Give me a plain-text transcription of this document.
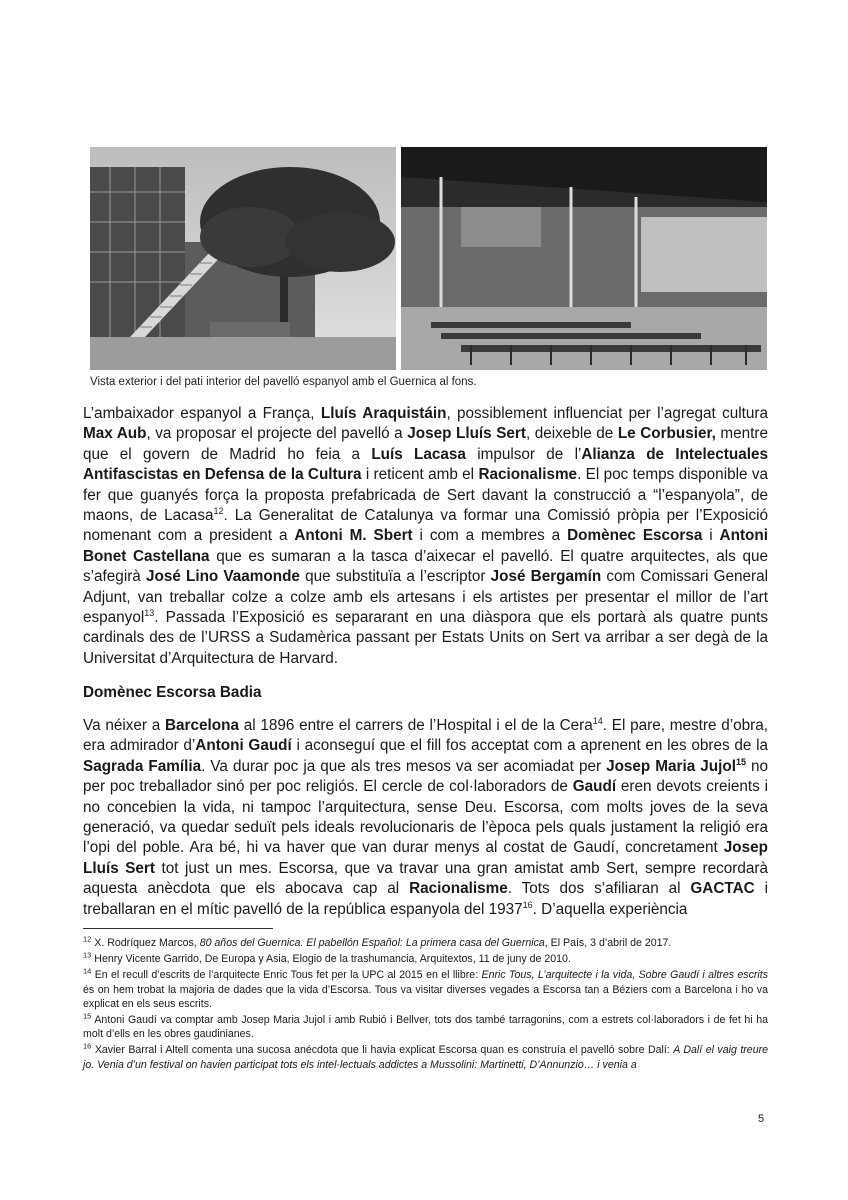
Vista exterior i del pati interior del pavelló espanyol amb el Guernica al fons.

L’ambaixador espanyol a França, Lluís Araquistáin, possiblement influenciat per l’agregat cultura Max Aub, va proposar el projecte del pavelló a Josep Lluís Sert, deixeble de Le Corbusier, mentre que el govern de Madrid ho feia a Luís Lacasa impulsor de l’Alianza de Intelectuales Antifascistas en Defensa de la Cultura i reticent amb el Racionalisme. El poc temps disponible va fer que guanyés força la proposta prefabricada de Sert davant la construcció a “l’espanyola”, de maons, de Lacasa$^{12}$. La Generalitat de Catalunya va formar una Comissió pròpia per l’Exposició nomenant com a president a Antoni M. Sbert i com a membres a Domènec Escorsa i Antoni Bonet Castellana que es sumaran a la tasca d’aixecar el pavelló. El quatre arquitectes, als que s’afegirà José Lino Vaamonde que substituïa a l’escriptor José Bergamín com Comissari General Adjunt, van treballar colze a colze amb els artesans i els artistes per presentar el millor de l’art espanyol$^{13}$. Passada l’Exposició es separarant en una diàspora que els portarà als quatre punts cardinals des de l’URSS a Sudamèrica passant per Estats Units on Sert va arribar a ser degà de la Universitat d’Arquitectura de Harvard.

Domènec Escorsa Badia

Va néixer a Barcelona al 1896 entre el carrers de l’Hospital i el de la Cera$^{14}$. El pare, mestre d’obra, era admirador d’Antoni Gaudí i aconseguí que el fill fos acceptat com a aprenent en les obres de la Sagrada Família. Va durar poc ja que als tres mesos va ser acomiadat per Josep Maria Jujol$^{15}$ no per poc treballador sinó per poc religiós. El cercle de col·laboradors de Gaudí eren devots creients i no concebien la vida, ni tampoc l’arquitectura, sense Deu. Escorsa, com molts joves de la seva generació, va quedar seduït pels ideals revolucionaris de l’època pels quals justament la religió era l’opi del poble. Ara bé, hi va haver que van durar menys al costat de Gaudí, concretament Josep Lluís Sert tot just un mes. Escorsa, que va travar una gran amistat amb Sert, sempre recordarà aquesta anècdota que els abocava cap al Racionalisme. Tots dos s’afiliaran al GACTAC i treballaran en el mític pavelló de la república espanyola del 1937$^{16}$. D’aquella experiència

$^{12}$ X. Rodríquez Marcos, 80 años del Guernica. El pabellón Español: La primera casa del Guernica, El País, 3 d’abril de 2017.

$^{13}$ Henry Vicente Garrido, De Europa y Asia, Elogio de la trashumancia, Arquitextos, 11 de juny de 2010.

$^{14}$ En el recull d’escrits de l’arquitecte Enric Tous fet per la UPC al 2015 en el llibre: Enric Tous, L’arquitecte i la vida, Sobre Gaudí i altres escrits és on hem trobat la majoria de dades que la vida d’Escorsa. Tous va visitar diverses vegades a Escorsa tan a Béziers com a Barcelona i ho va explicat en els seus escrits.

$^{15}$ Antoni Gaudí va comptar amb Josep Maria Jujol i amb Rubió i Bellver, tots dos també tarragonins, com a estrets col·laboradors i de fet hi ha molt d’ells en les obres gaudinianes.

$^{16}$ Xavier Barral i Altell comenta una sucosa anécdota que li havia explicat Escorsa quan es construía el pavelló sobre Dalí: A Dalí el vaig treure jo. Venia d’un festival on havien participat tots els intel·lectuals addictes a Mussolini: Martinetti, D’Annunzio… i venia a

5
